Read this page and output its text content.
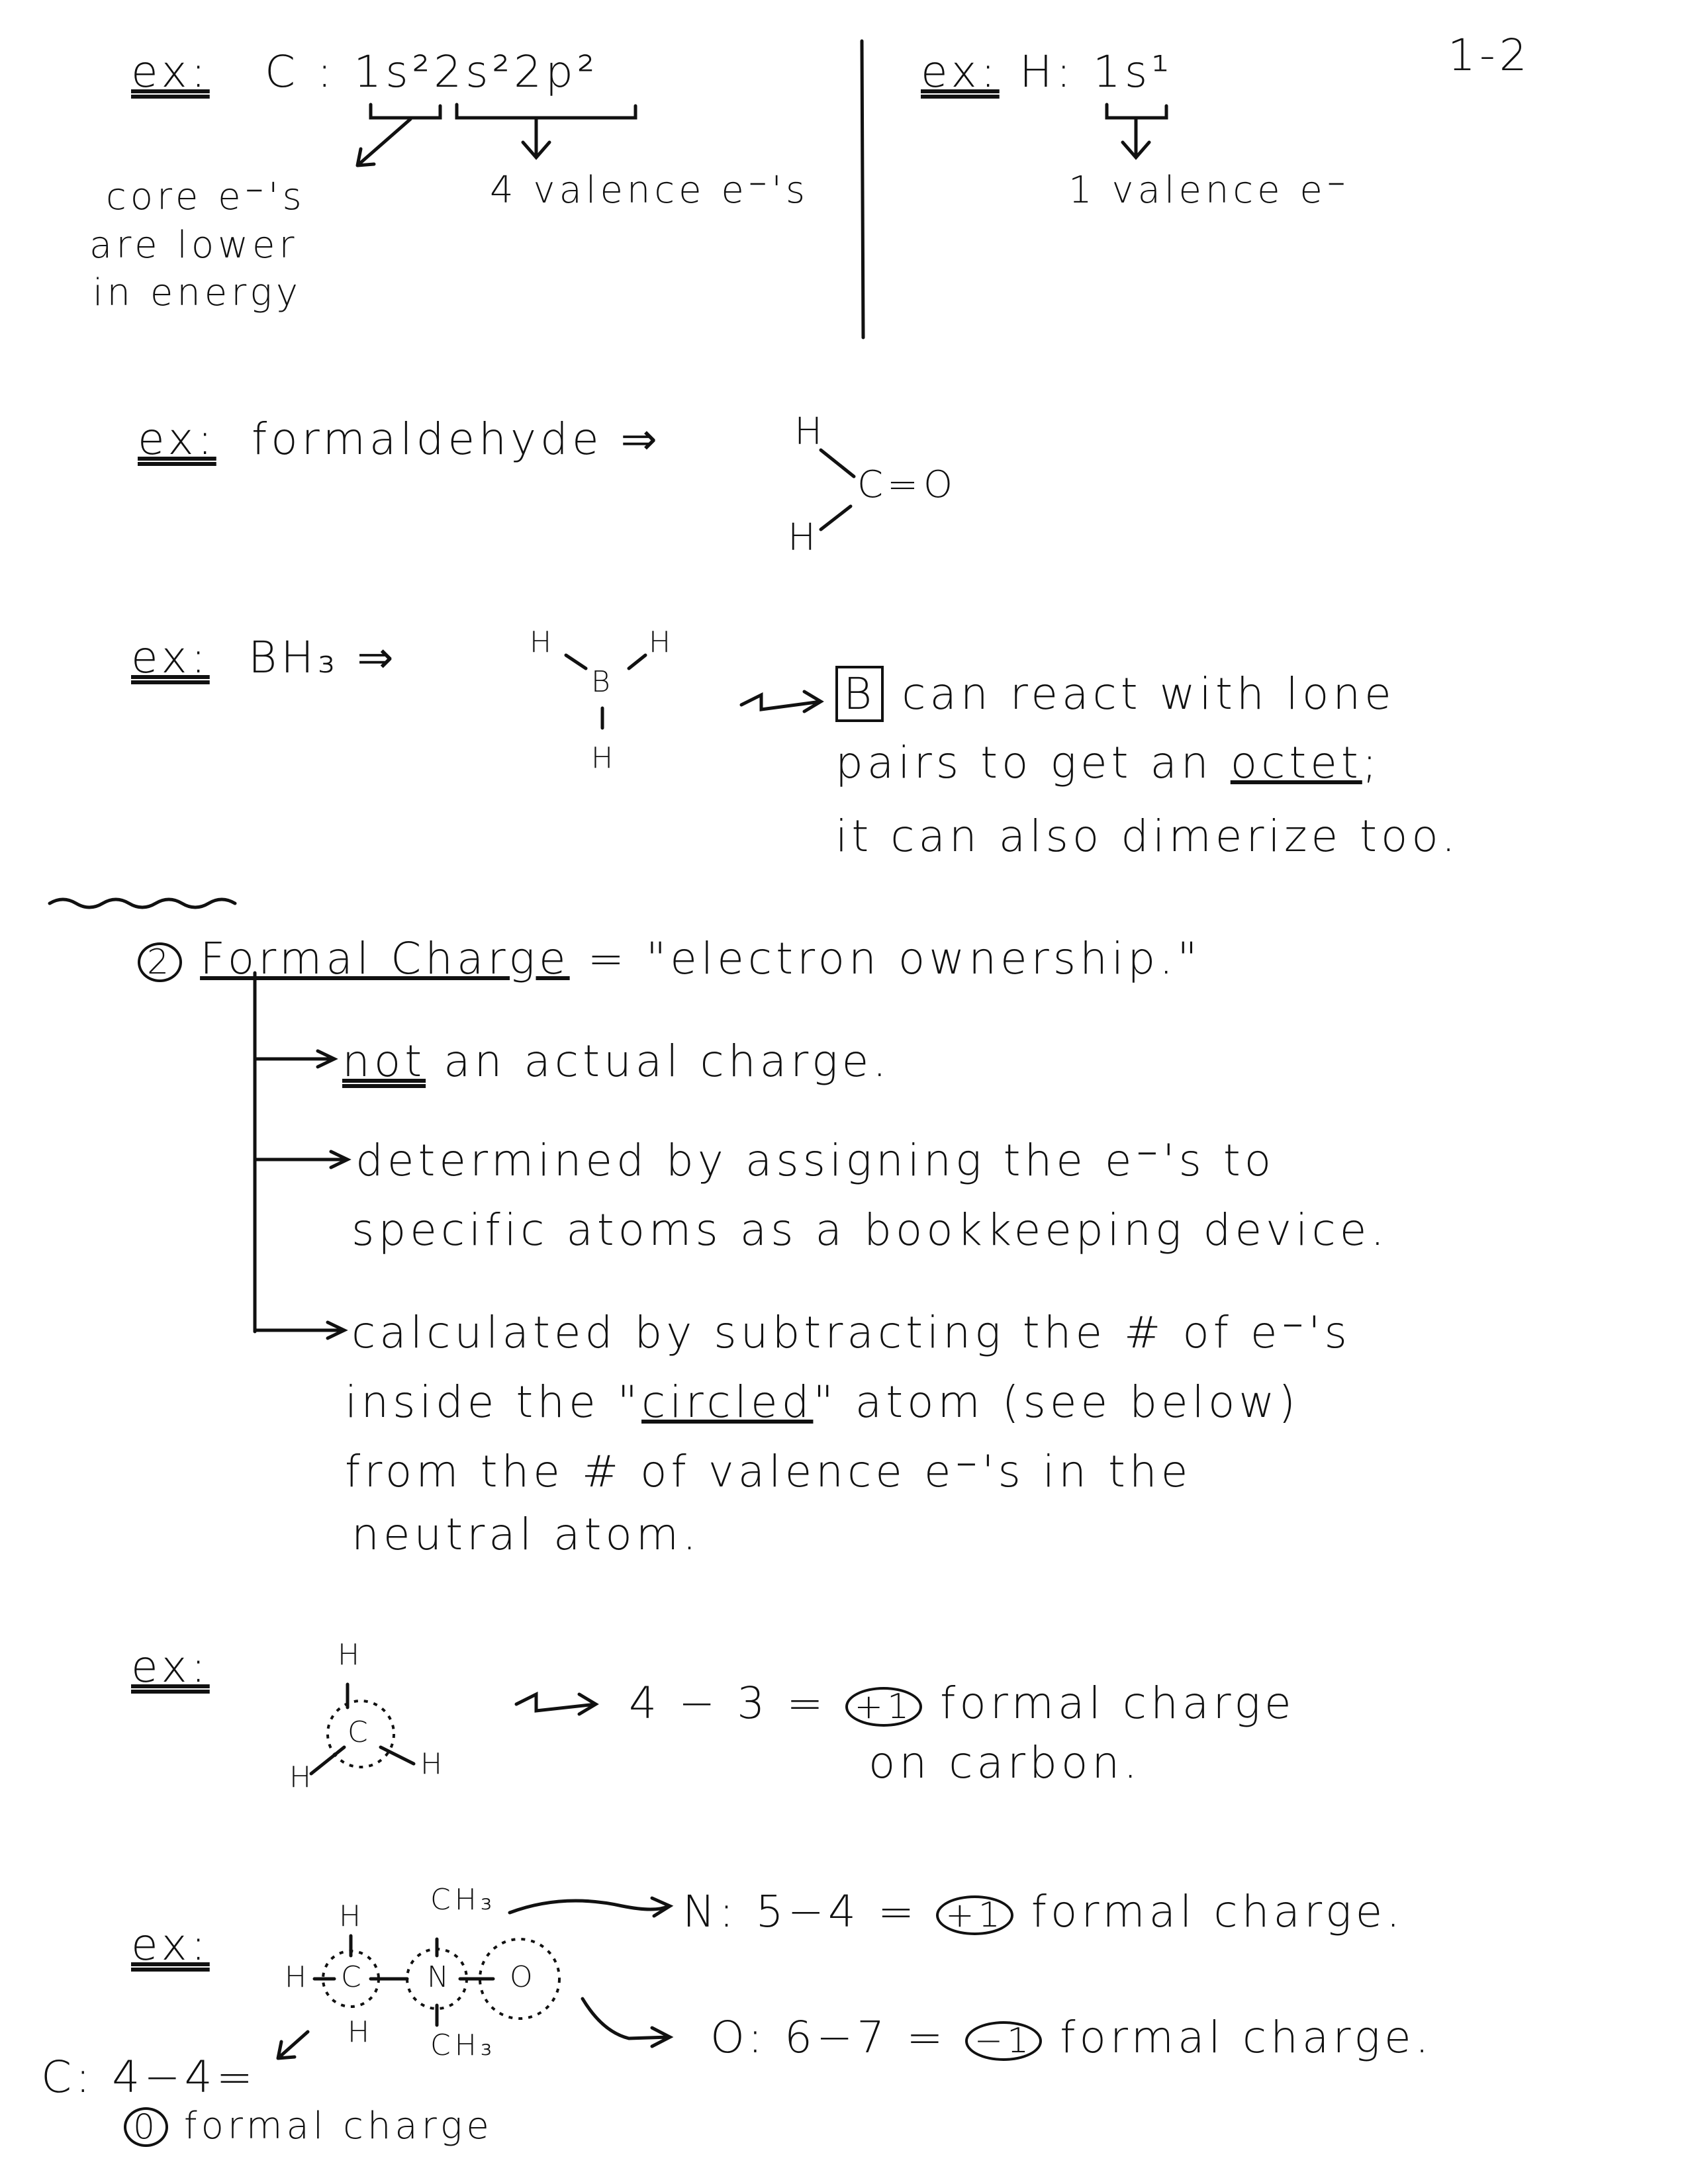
1-2
ex: C : 1s²2s²2p²
core e⁻'s
are lower
in energy
4 valence e⁻'s
ex: H: 1s¹
1 valence e⁻
ex: formaldehyde ⇒	H
H
C = O
ex: BH₃ ⇒	H	H
B
H
B can react with lone
pairs to get an octet;
it can also dimerize too.
2 Formal Charge = "electron ownership."
not an actual charge.
determined by assigning the e⁻'s to
specific atoms as a bookkeeping device.
calculated by subtracting the # of e⁻'s
inside the "circled" atom (see below)
from the # of valence e⁻'s in the
neutral atom.
ex:	H
C
H	H
4 − 3 = +1 formal charge
on carbon.
ex:
H
H C
H
N O
CH₃
CH₃
N: 5−4 = +1 formal charge.
O: 6−7 = −1 formal charge.
C: 4−4=
0 formal charge
